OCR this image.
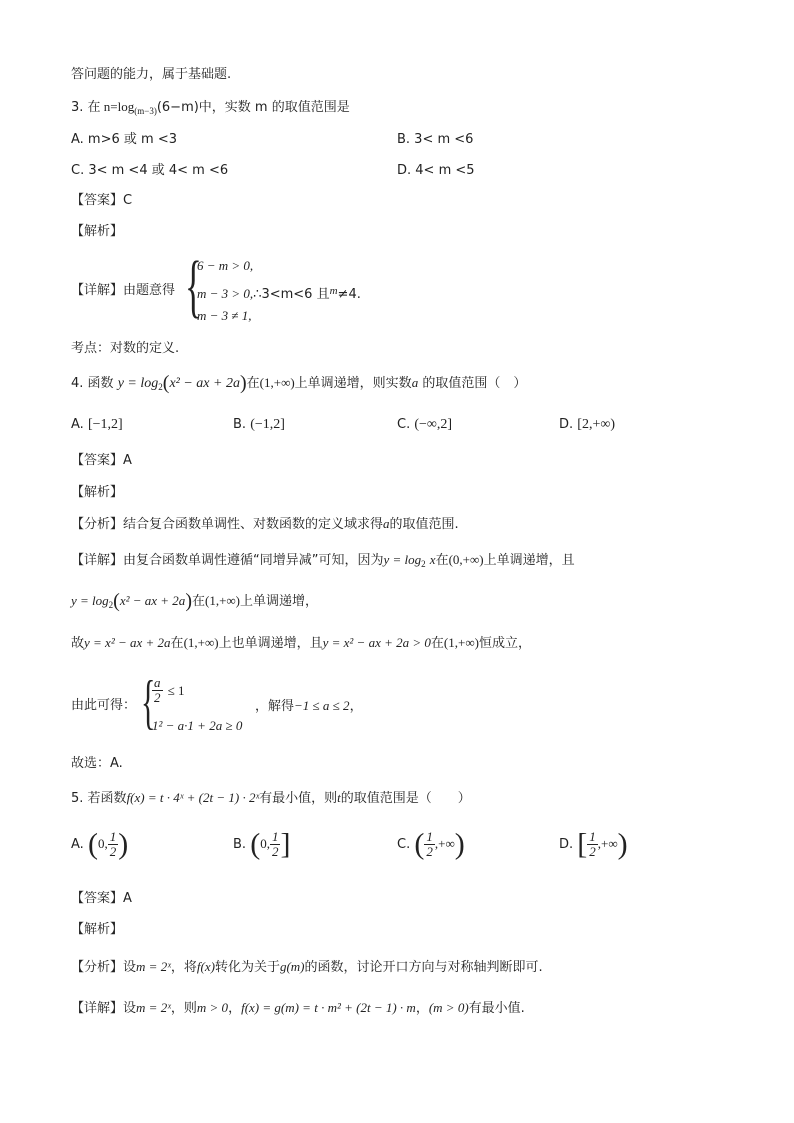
答问题的能力，属于基础题.
3. 在 $n=\log_{(m-3)}(6-m)$中，实数 m 的取值范围是
A. m>6 或 m <3	B. 3< m <6
C. 3< m <4 或 4< m <6	D. 4< m <5
【答案】C
【解析】
【详解】由题意得 {
6 − m > 0,
m − 3 > 0,∴3<m<6 且$^m$≠4.
m − 3 ≠ 1,
考点：对数的定义.
4. 函数 $y = \log_2(x^2$ − ax + 2a)在(1,+∞)上单调递增，则实数a 的取值范围（　）
A. [−1,2]	B. (−1,2]	C. (−∞,2]	D. [2,+∞)
【答案】A
【解析】
【分析】结合复合函数单调性、对数函数的定义域求得a的取值范围.
【详解】由复合函数单调性遵循“同增异减”可知，因为$y = \log_2 x$在(0,+∞)上单调递增，且
$y = \log_2(x^2$ − ax + 2a)在(1,+∞)上单调递增，
故y = x² − ax + 2a在(1,+∞)上也单调递增，且y = x² − ax + 2a > 0在(1,+∞)恒成立，
由此可得： {
$\frac{a}{2} \le 1$
1² − a·1 + 2a ≥ 0
，解得−1 ≤ a ≤ 2，
故选：A.
5. 若函数f(x) = t · 4ˣ + (2t − 1) · 2ˣ有最小值，则t的取值范围是（　　）
A. (0, $\frac{1}{2}$ )	B. (0, $\frac{1}{2}$ ]	C. ( $\frac{1}{2}$ ,+∞)	D. [ $\frac{1}{2}$ ,+∞)
【答案】A
【解析】
【分析】设m = 2ˣ，将f(x)转化为关于g(m)的函数，讨论开口方向与对称轴判断即可.
【详解】设m = 2ˣ，则m > 0，f(x) = g(m) = t · m² + (2t − 1) · m，(m > 0)有最小值.
